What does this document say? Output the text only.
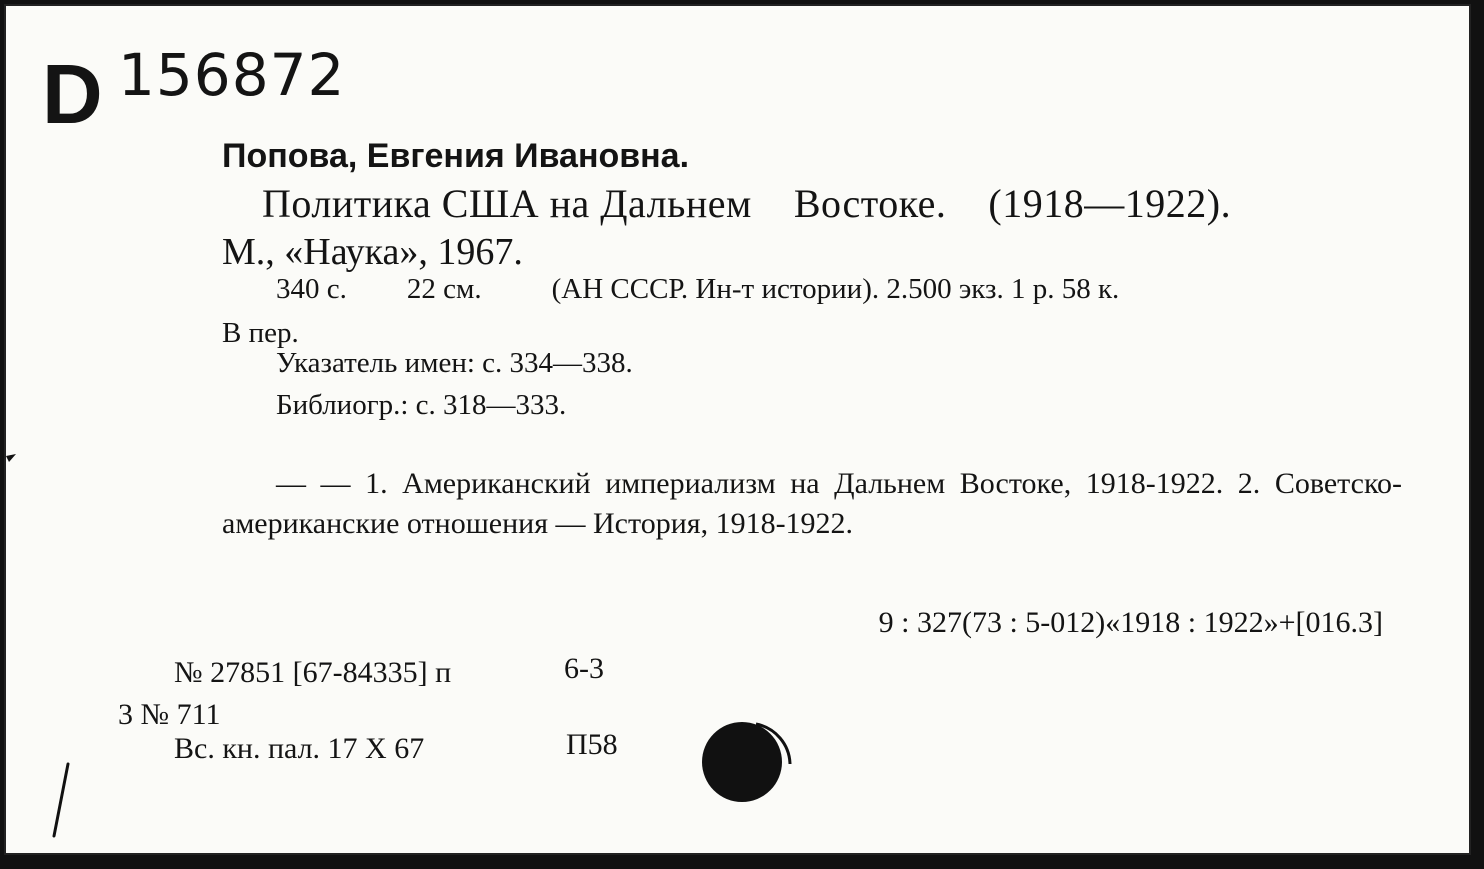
D 156872
Попова, Евгения Ивановна.
Политика США на Дальнем Востоке. (1918—1922).
М., «Наука», 1967.
340 с. 22 см. (АН СССР. Ин-т истории). 2.500 экз. 1 р. 58 к.
В пер.
Указатель имен: с. 334—338.
Библиогр.: с. 318—333.
— — 1. Американский империализм на Дальнем Востоке, 1918-1922. 2. Советско-американские отношения — История, 1918-1922.
9 : 327(73 : 5-012)«1918 : 1922»+[016.3]
№ 27851 [67-84335] п	6-3
3 № 711
Вс. кн. пал. 17 X 67	П58
